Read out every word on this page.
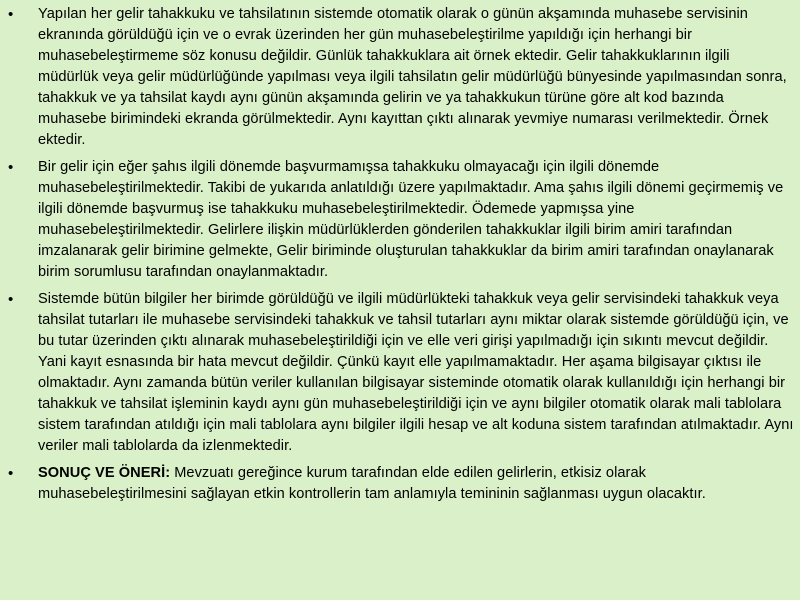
• Yapılan her gelir tahakkuku ve tahsilatının sistemde otomatik olarak o günün akşamında muhasebe servisinin ekranında görüldüğü için ve o evrak üzerinden her gün muhasebeleştirilme yapıldığı için herhangi bir muhasebeleştirmeme söz konusu değildir. Günlük tahakkuklara ait örnek ektedir. Gelir tahakkuklarının ilgili müdürlük veya gelir müdürlüğünde yapılması veya ilgili tahsilatın gelir müdürlüğü bünyesinde yapılmasından sonra, tahakkuk ve ya tahsilat kaydı aynı günün akşamında gelirin ve ya tahakkukun türüne göre alt kod bazında muhasebe birimindeki ekranda görülmektedir. Aynı kayıttan çıktı alınarak yevmiye numarası verilmektedir. Örnek ektedir.
• Bir gelir için eğer şahıs ilgili dönemde başvurmamışsa tahakkuku olmayacağı için ilgili dönemde muhasebeleştirilmektedir. Takibi de yukarıda anlatıldığı üzere yapılmaktadır. Ama şahıs ilgili dönemi geçirmemiş ve ilgili dönemde başvurmuş ise tahakkuku muhasebeleştirilmektedir. Ödemede yapmışsa yine muhasebeleştirilmektedir. Gelirlere ilişkin müdürlüklerden gönderilen tahakkuklar ilgili birim amiri tarafından imzalanarak gelir birimine gelmekte, Gelir biriminde oluşturulan tahakkuklar da birim amiri tarafından onaylanarak birim sorumlusu tarafından onaylanmaktadır.
• Sistemde bütün bilgiler her birimde görüldüğü ve ilgili müdürlükteki tahakkuk veya gelir servisindeki tahakkuk veya tahsilat tutarları ile muhasebe servisindeki tahakkuk ve tahsil tutarları aynı miktar olarak sistemde görüldüğü için, ve bu tutar üzerinden çıktı alınarak muhasebeleştirildiği için ve elle veri girişi yapılmadığı için sıkıntı mevcut değildir. Yani kayıt esnasında bir hata mevcut değildir. Çünkü kayıt elle yapılmamaktadır. Her aşama bilgisayar çıktısı ile olmaktadır. Aynı zamanda bütün veriler kullanılan bilgisayar sisteminde otomatik olarak kullanıldığı için herhangi bir tahakkuk ve tahsilat işleminin kaydı aynı gün muhasebeleştirildiği için ve aynı bilgiler otomatik olarak mali tablolara sistem tarafından atıldığı için mali tablolara aynı bilgiler ilgili hesap ve alt koduna sistem tarafından atılmaktadır. Aynı veriler mali tablolarda da izlenmektedir.
• SONUÇ VE ÖNERİ: Mevzuatı gereğince kurum tarafından elde edilen gelirlerin, etkisiz olarak muhasebeleştirilmesini sağlayan etkin kontrollerin tam anlamıyla temininin sağlanması uygun olacaktır.
